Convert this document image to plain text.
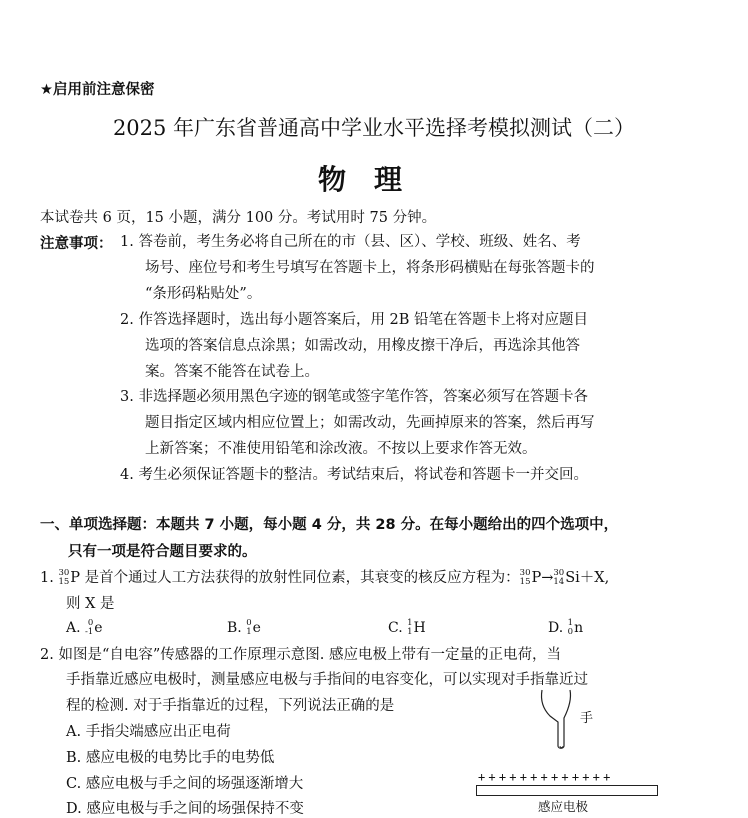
★启用前注意保密
2025 年广东省普通高中学业水平选择考模拟测试（二）
物理
本试卷共 6 页，15 小题，满分 100 分。考试用时 75 分钟。
注意事项： 1. 答卷前，考生务必将自己所在的市（县、区）、学校、班级、姓名、考
场号、座位号和考生号填写在答题卡上，将条形码横贴在每张答题卡的
“条形码粘贴处”。
2. 作答选择题时，选出每小题答案后，用 2B 铅笔在答题卡上将对应题目
选项的答案信息点涂黑；如需改动，用橡皮擦干净后，再选涂其他答
案。答案不能答在试卷上。
3. 非选择题必须用黑色字迹的钢笔或签字笔作答，答案必须写在答题卡各
题目指定区域内相应位置上；如需改动，先画掉原来的答案，然后再写
上新答案；不准使用铅笔和涂改液。不按以上要求作答无效。
4. 考生必须保证答题卡的整洁。考试结束后，将试卷和答题卡一并交回。
一、单项选择题：本题共 7 小题，每小题 4 分，共 28 分。在每小题给出的四个选项中，
只有一项是符合题目要求的。
1. 30
15 P 是首个通过人工方法获得的放射性同位素，其衰变的核反应方程为： 30
15 P→ 30
14 Si＋X,
则 X 是
A. 0
-1 e	B. 0
1 e	C. 1
1 H	D. 1
0 n
2. 如图是“自电容”传感器的工作原理示意图. 感应电极上带有一定量的正电荷，当
手指靠近感应电极时，测量感应电极与手指间的电容变化，可以实现对手指靠近过
程的检测. 对于手指靠近的过程，下列说法正确的是
A. 手指尖端感应出正电荷
B. 感应电极的电势比手的电势低
C. 感应电极与手之间的场强逐渐增大
D. 感应电极与手之间的场强保持不变
手
+++++++++++++
感应电极
